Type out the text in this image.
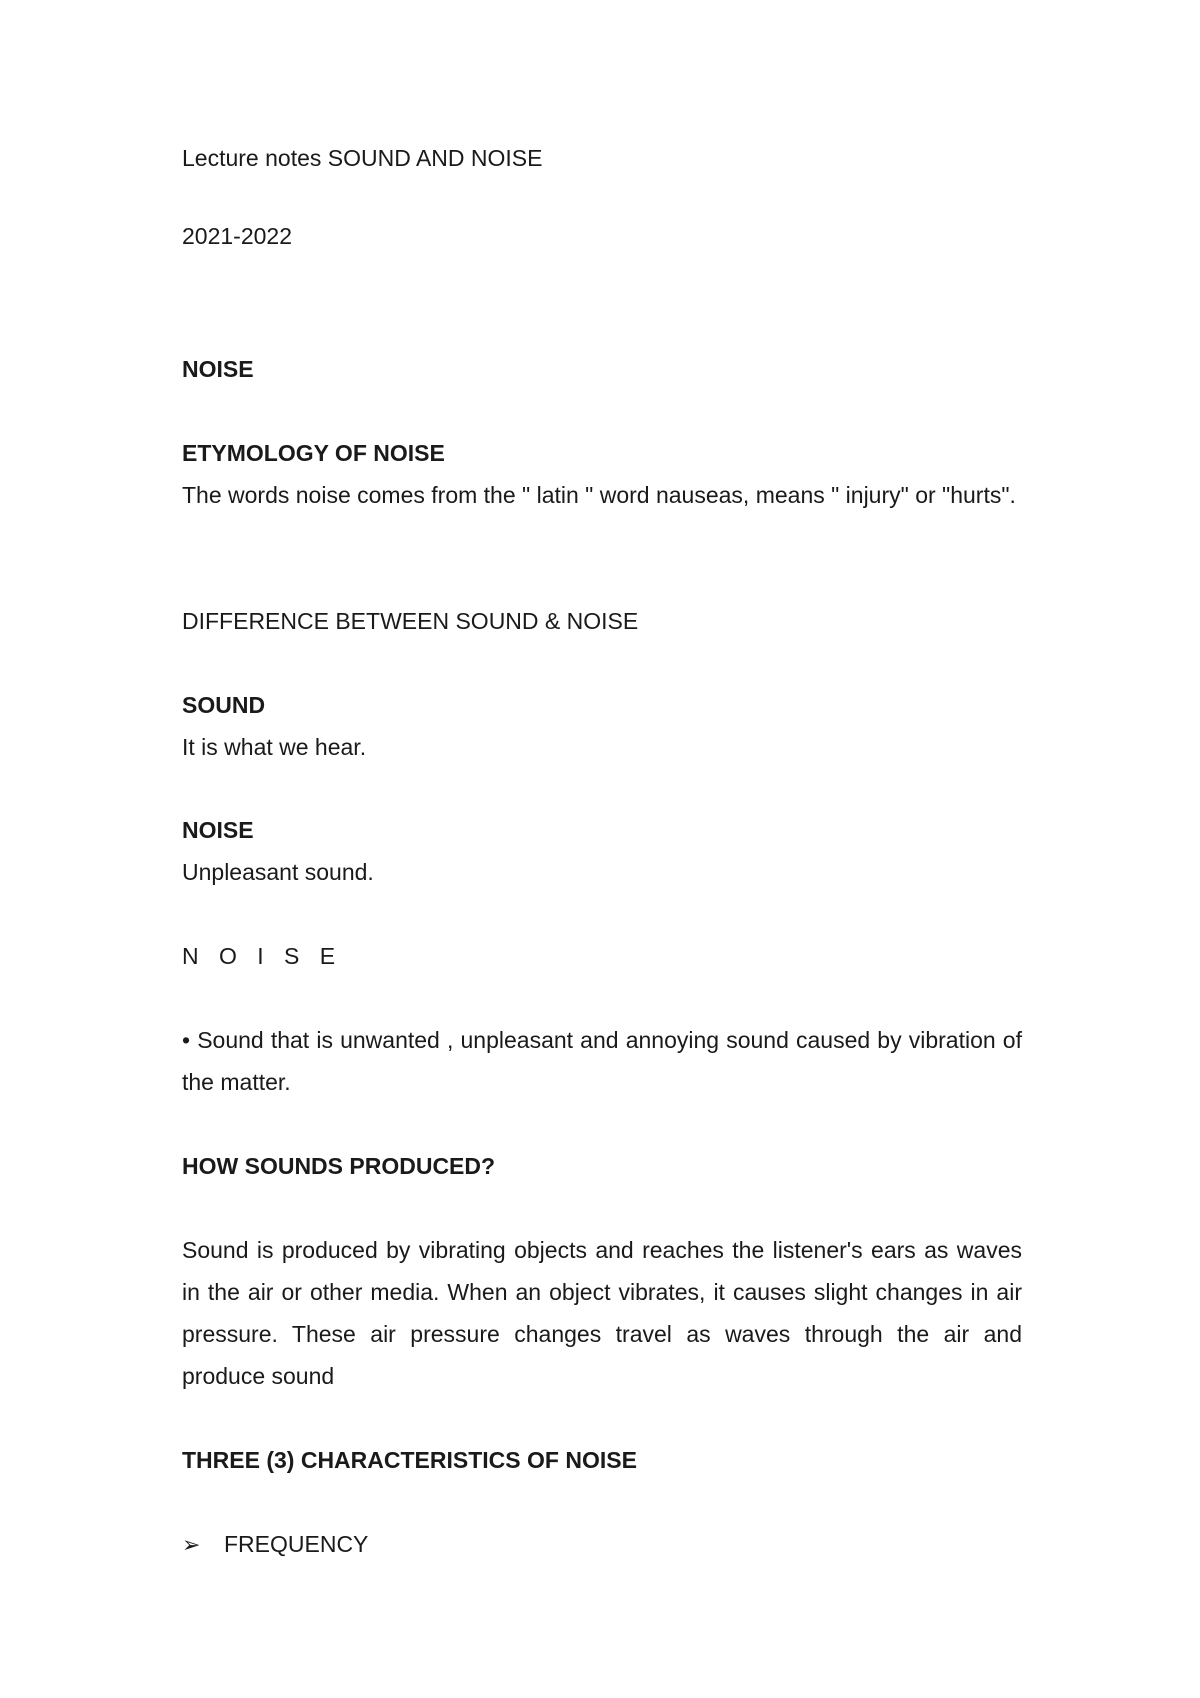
Lecture notes SOUND AND NOISE

2021-2022

NOISE

ETYMOLOGY OF NOISE

The words noise comes from the " latin " word nauseas, means " injury" or "hurts".

DIFFERENCE BETWEEN SOUND & NOISE

SOUND

It is what we hear.

NOISE

Unpleasant sound.

N O I S E

• Sound that is unwanted , unpleasant and annoying sound caused by vibration of the matter.

HOW SOUNDS PRODUCED?

Sound is produced by vibrating objects and reaches the listener's ears as waves in the air or other media. When an object vibrates, it causes slight changes in air pressure. These air pressure changes travel as waves through the air and produce sound

THREE (3) CHARACTERISTICS OF NOISE

➢	FREQUENCY
